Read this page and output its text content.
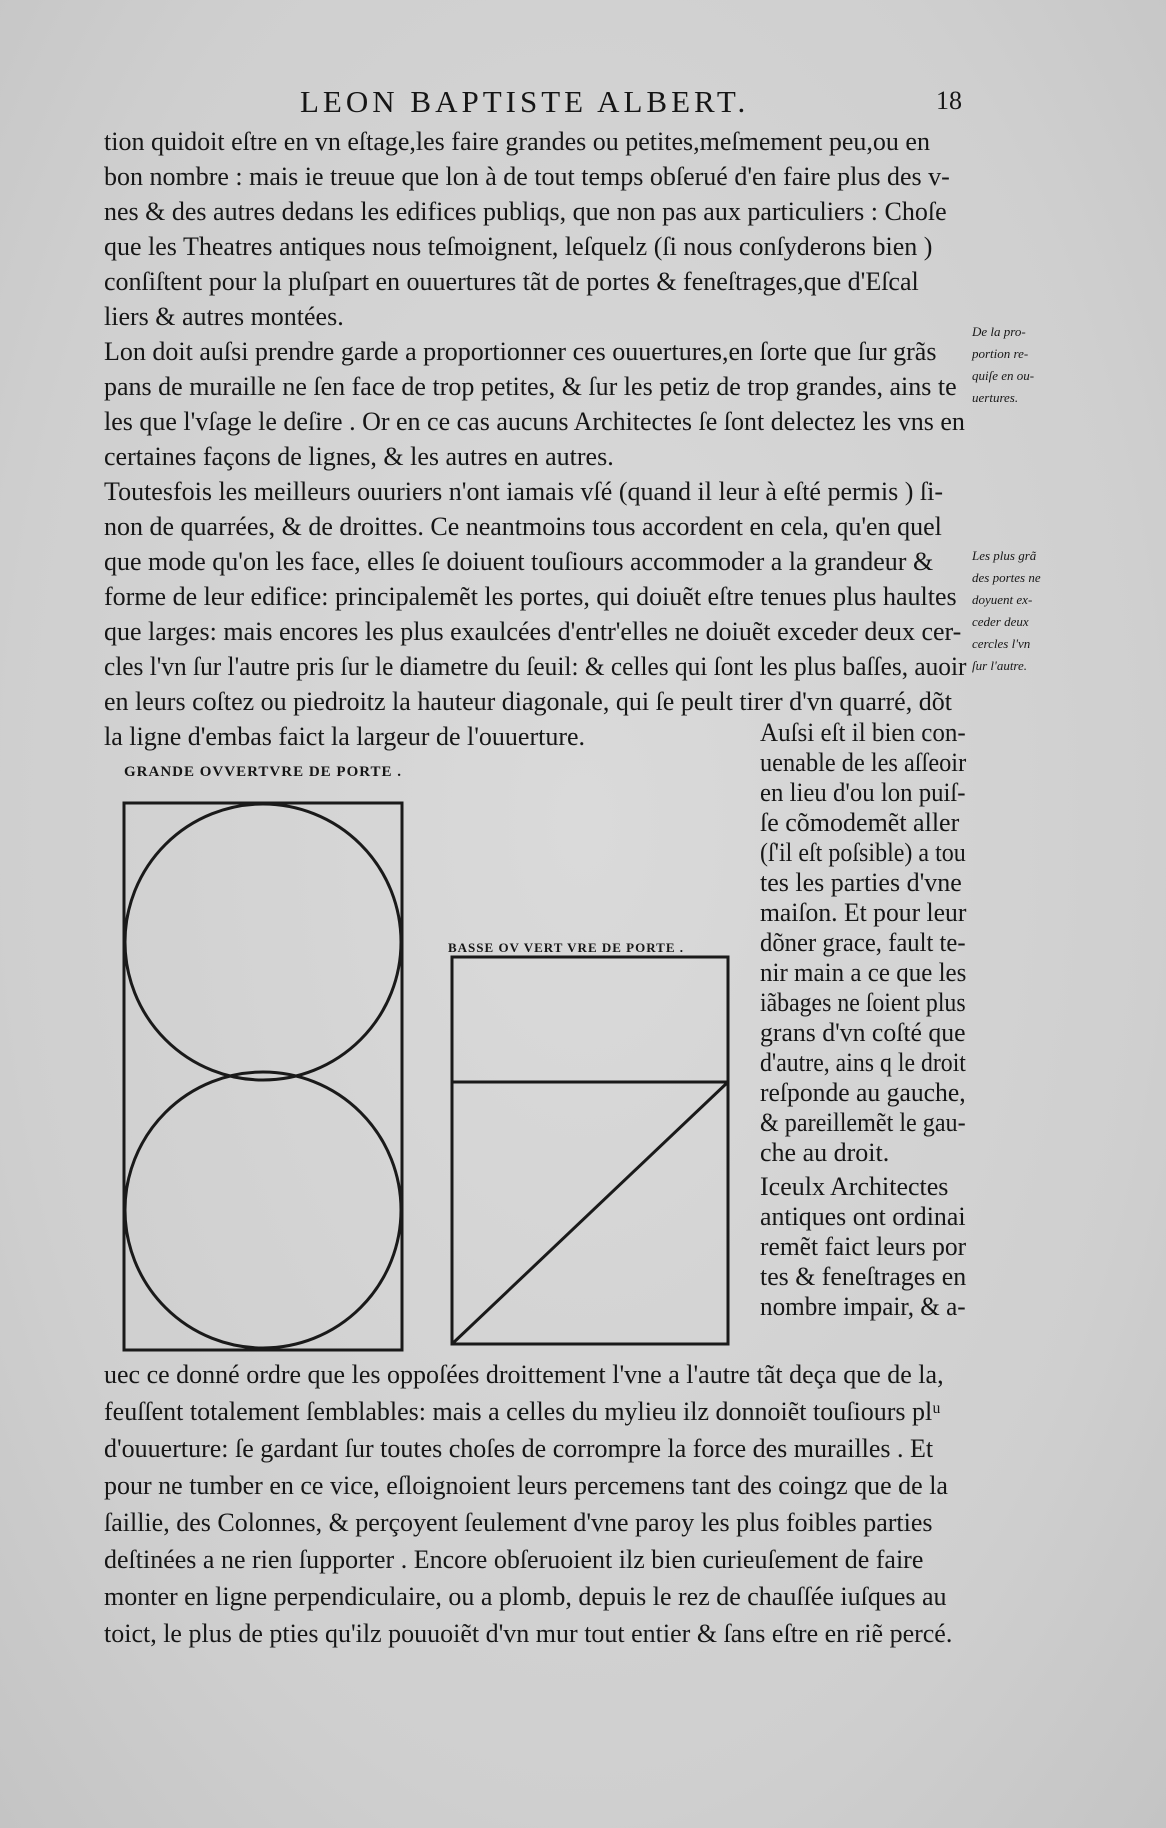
LEON BAPTISTE ALBERT.	18
tion quidoit eſtre en vn eſtage,les faire grandes ou petites,meſmement peu,ou en
bon nombre : mais ie treuue que lon à de tout temps obſerué d'en faire plus des v-
nes & des autres dedans les edifices publiqs, que non pas aux particuliers : Choſe
que les Theatres antiques nous teſmoignent, leſquelz (ſi nous conſyderons bien )
conſiſtent pour la pluſpart en ouuertures tãt de portes & feneſtrages,que d'Eſcal
liers & autres montées.
Lon doit auſsi prendre garde a proportionner ces ouuertures,en ſorte que ſur grãs
pans de muraille ne ſen face de trop petites, & ſur les petiz de trop grandes, ains te
les que l'vſage le deſire . Or en ce cas aucuns Architectes ſe ſont delectez les vns en
certaines façons de lignes, & les autres en autres.
Toutesfois les meilleurs ouuriers n'ont iamais vſé (quand il leur à eſté permis ) ſi-
non de quarrées, & de droittes. Ce neantmoins tous accordent en cela, qu'en quel
que mode qu'on les face, elles ſe doiuent touſiours accommoder a la grandeur &
forme de leur edifice: principalemẽt les portes, qui doiuẽt eſtre tenues plus haultes
que larges: mais encores les plus exaulcées d'entr'elles ne doiuẽt exceder deux cer-
cles l'vn ſur l'autre pris ſur le diametre du ſeuil: & celles qui ſont les plus baſſes, auoir
en leurs coſtez ou piedroitz la hauteur diagonale, qui ſe peult tirer d'vn quarré, dõt
la ligne d'embas faict la largeur de l'ouuerture.
De la pro-
portion re-
quiſe en ou-
uertures.
Les plus grã
des portes ne
doyuent ex-
ceder deux
cercles l'vn
ſur l'autre.
GRANDE OVVERTVRE DE PORTE .
BASSE OV VERT VRE DE PORTE .
Auſsi eſt il bien con-
uenable de les aſſeoir
en lieu d'ou lon puiſ-
ſe cõmodemẽt aller
(ſ'il eſt poſsible) a tou
tes les parties d'vne
maiſon. Et pour leur
dõner grace, fault te-
nir main a ce que les
iãbages ne ſoient plus
grans d'vn coſté que
d'autre, ains q le droit
reſponde au gauche,
& pareillemẽt le gau-
che au droit.
Iceulx Architectes
antiques ont ordinai
remẽt faict leurs por
tes & feneſtrages en
nombre impair, & a-
uec ce donné ordre que les oppoſées droittement l'vne a l'autre tãt deça que de la,
feuſſent totalement ſemblables: mais a celles du mylieu ilz donnoiẽt touſiours plᵘ
d'ouuerture: ſe gardant ſur toutes choſes de corrompre la force des murailles . Et
pour ne tumber en ce vice, eſloignoient leurs percemens tant des coingz que de la
ſaillie, des Colonnes, & perçoyent ſeulement d'vne paroy les plus foibles parties
deſtinées a ne rien ſupporter . Encore obſeruoient ilz bien curieuſement de faire
monter en ligne perpendiculaire, ou a plomb, depuis le rez de chauſſée iuſques au
toict, le plus de pties qu'ilz pouuoiẽt d'vn mur tout entier & ſans eſtre en riẽ percé.
